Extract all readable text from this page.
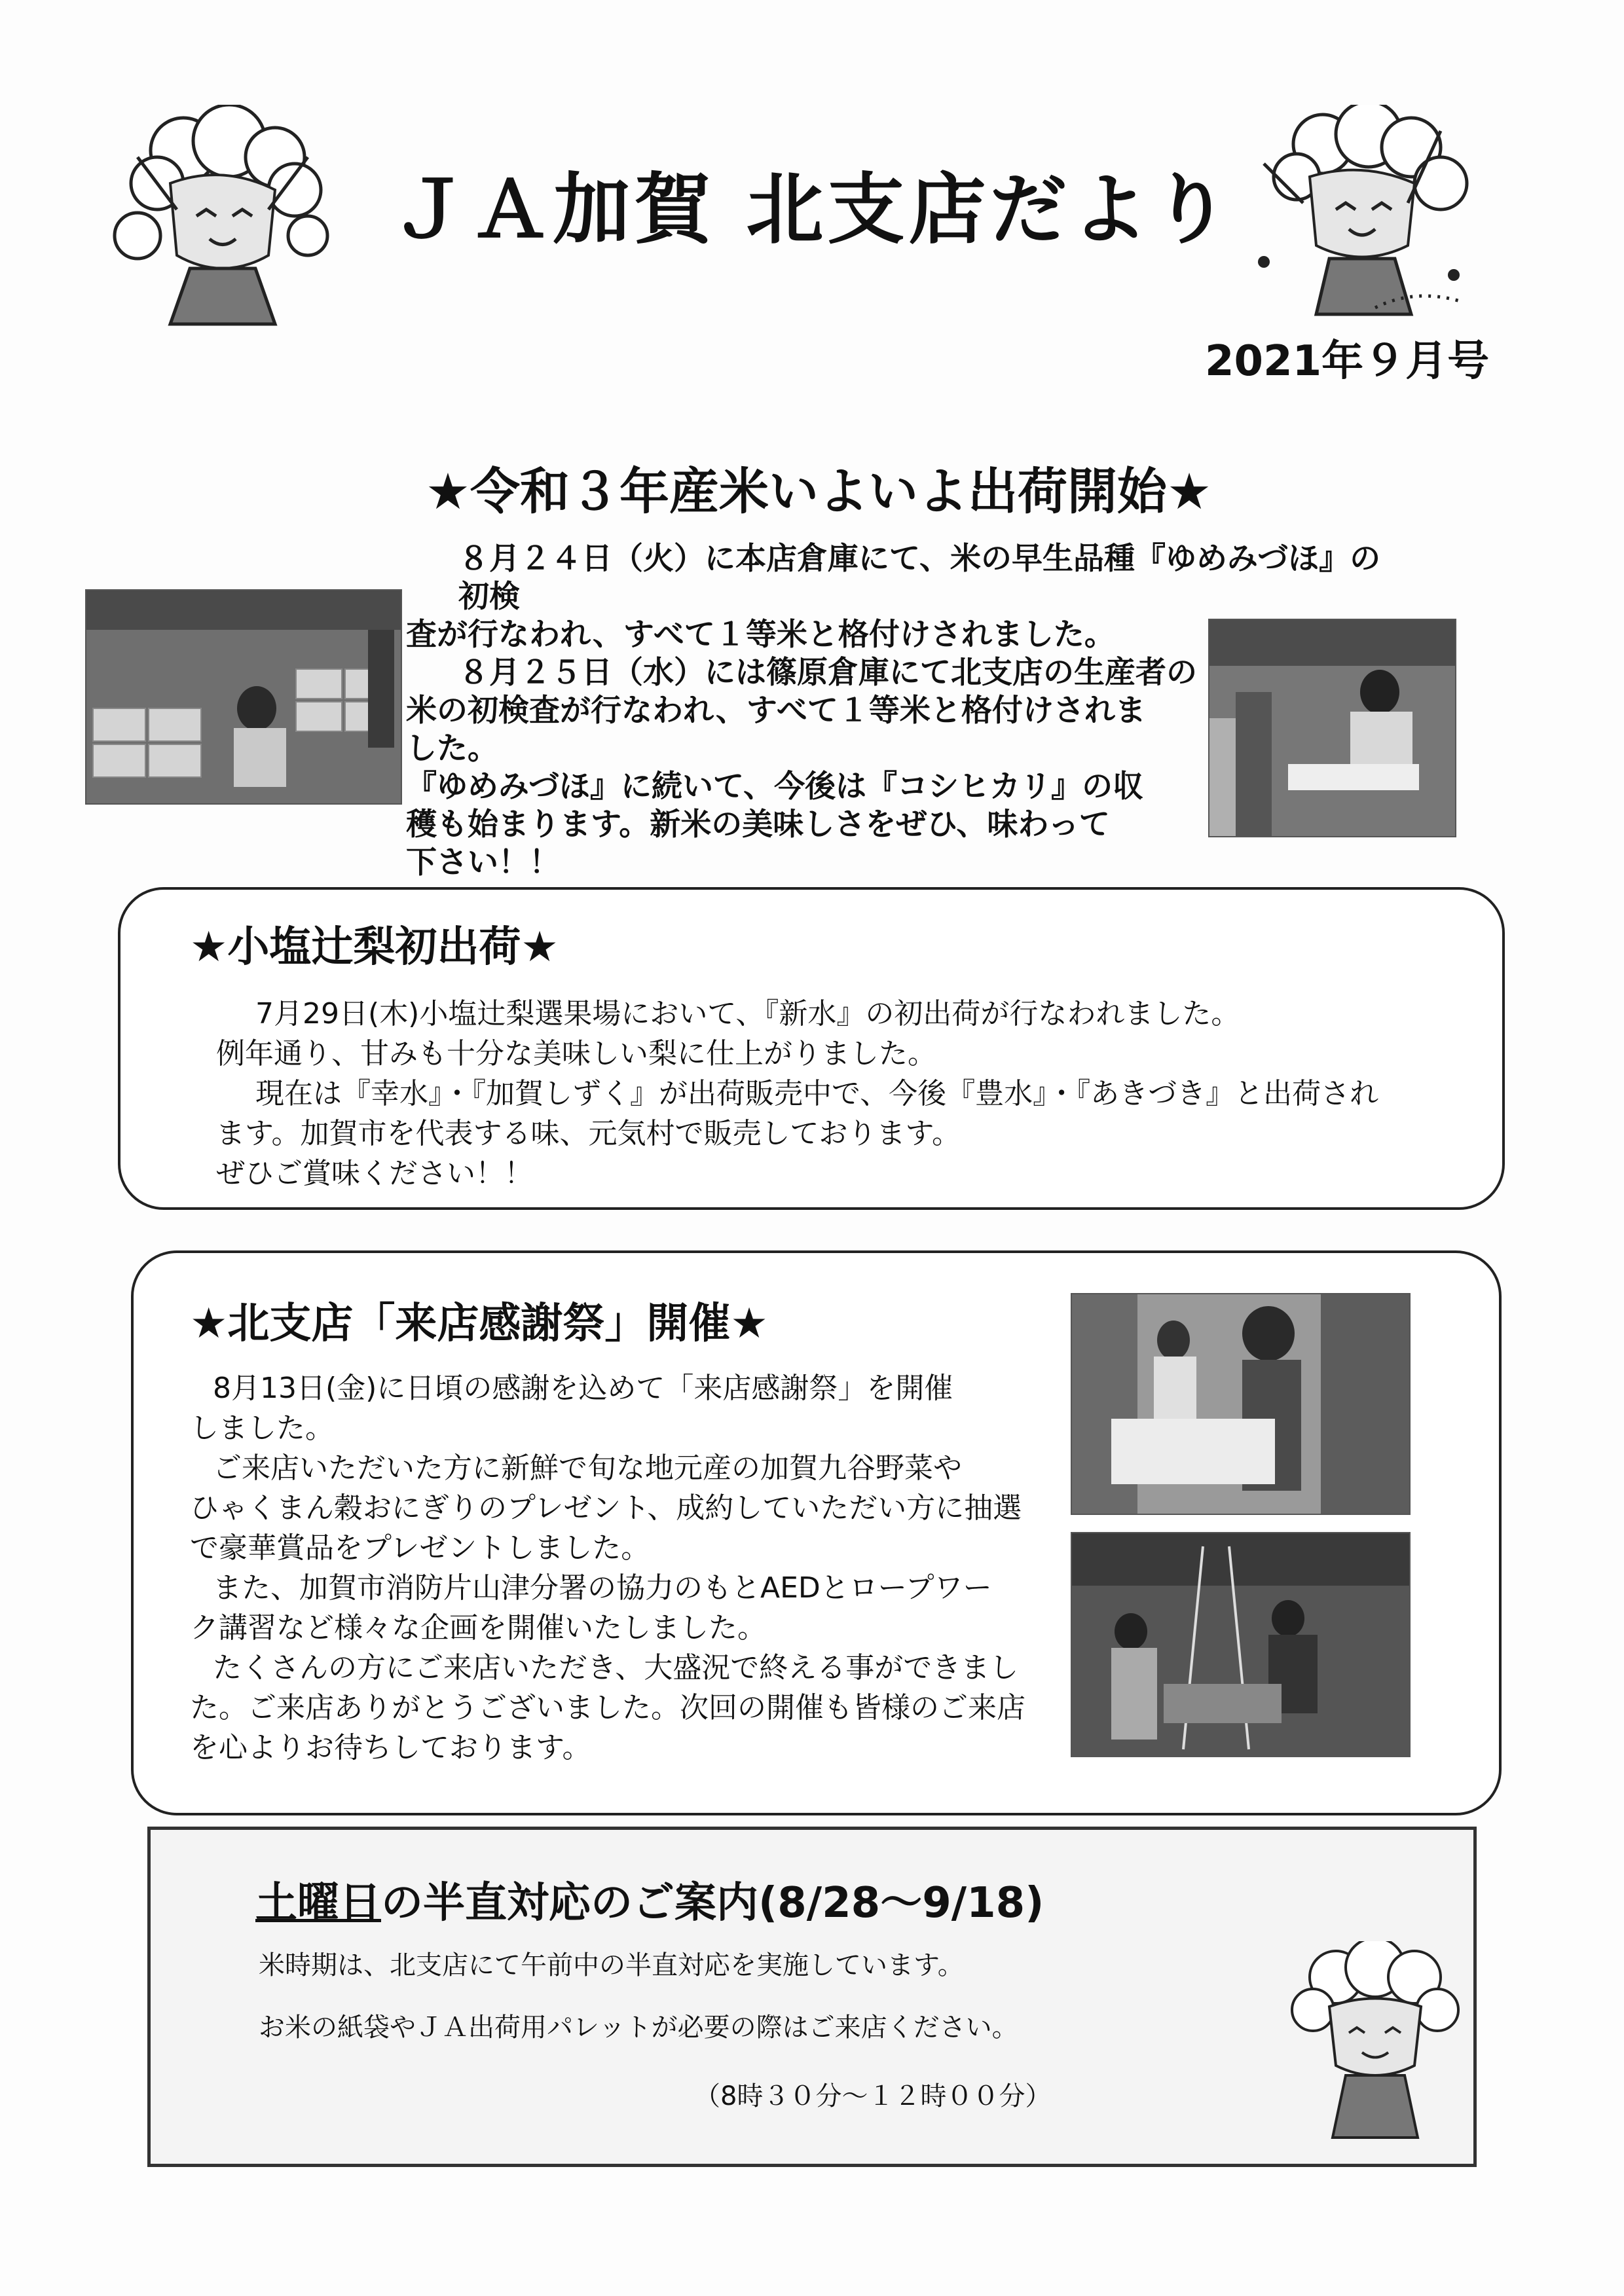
ＪＡ加賀 北支店だより
2021年９月号
★令和３年産米いよいよ出荷開始★

８月２４日（火）に本店倉庫にて、米の早生品種『ゆめみづほ』の初検

査が行なわれ、すべて１等米と格付けされました。

８月２５日（水）には篠原倉庫にて北支店の生産者の

米の初検査が行なわれ、すべて１等米と格付けされま

した。

『ゆめみづほ』に続いて、今後は『コシヒカリ』の収

穫も始まります。新米の美味しさをぜひ、味わって

下さい！！

★小塩辻梨初出荷★

7月29日(木)小塩辻梨選果場において、『新水』の初出荷が行なわれました。

例年通り、甘みも十分な美味しい梨に仕上がりました。

現在は『幸水』・『加賀しずく』が出荷販売中で、今後『豊水』・『あきづき』と出荷され

ます。加賀市を代表する味、元気村で販売しております。

ぜひご賞味ください！！

★北支店「来店感謝祭」開催★

8月13日(金)に日頃の感謝を込めて「来店感謝祭」を開催

しました。

ご来店いただいた方に新鮮で旬な地元産の加賀九谷野菜や

ひゃくまん穀おにぎりのプレゼント、成約していただい方に抽選

で豪華賞品をプレゼントしました。

また、加賀市消防片山津分署の協力のもとAEDとロープワー

ク講習など様々な企画を開催いたしました。

たくさんの方にご来店いただき、大盛況で終える事ができまし

た。ご来店ありがとうございました。次回の開催も皆様のご来店

を心よりお待ちしております。

土曜日の半直対応のご案内(8/28～9/18)
米時期は、北支店にて午前中の半直対応を実施しています。
お米の紙袋やＪＡ出荷用パレットが必要の際はご来店ください。
（8時３０分～１２時００分）
